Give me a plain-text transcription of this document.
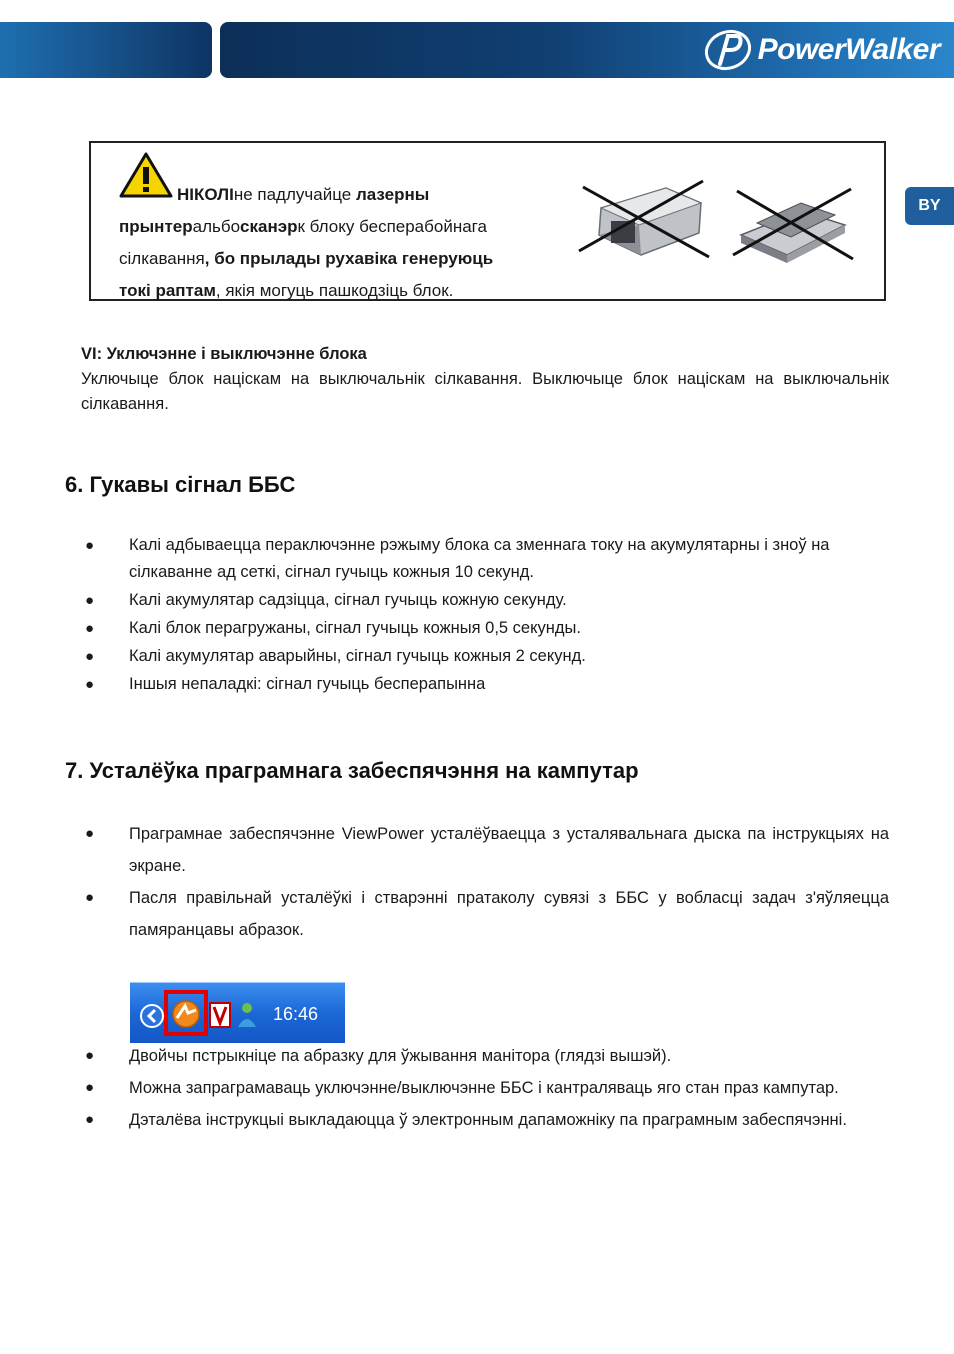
PowerWalker
BY
НІКОЛІне падлучайце лазерны
прынтеральбосканэрк блоку бесперабойнага
сілкавання, бо прылады рухавіка генеруюць
токі раптам, якія могуць пашкодзіць блок.
VI: Уключэнне і выключэнне блока
Уключыце блок націскам на выключальнік сілкавання. Выключыце блок націскам на выключальнік сілкавання.
6. Гукавы сігнал ББС
● Калі адбываецца пераключэнне рэжыму блока са зменнага току на акумулятарны і зноў на сілкаванне ад сеткі, сігнал гучыць кожныя 10 секунд.
● Калі акумулятар садзіцца, сігнал гучыць кожную секунду.
● Калі блок перагружаны, сігнал гучыць кожныя 0,5 секунды.
● Калі акумулятар аварыйны, сігнал гучыць кожныя 2 секунд.
● Іншыя непаладкі: сігнал гучыць бесперапынна
7. Усталёўка праграмнага забеспячэння на кампутар
● Праграмнае забеспячэнне ViewPower усталёўваецца з усталявальнага дыска па інструкцыях на экране.
● Пасля правільнай усталёўкі і стварэнні пратаколу сувязі з ББС у вобласці задач з'яўляецца памяранцавы абразок.
16:46
● Двойчы пстрыкніце па абразку для ўжывання манітора (глядзі вышэй).
● Можна запраграмаваць уключэнне/выключэнне ББС і кантраляваць яго стан праз кампутар.
● Дэталёва інструкцыі выкладаюцца ў электронным дапаможніку па праграмным забеспячэнні.
